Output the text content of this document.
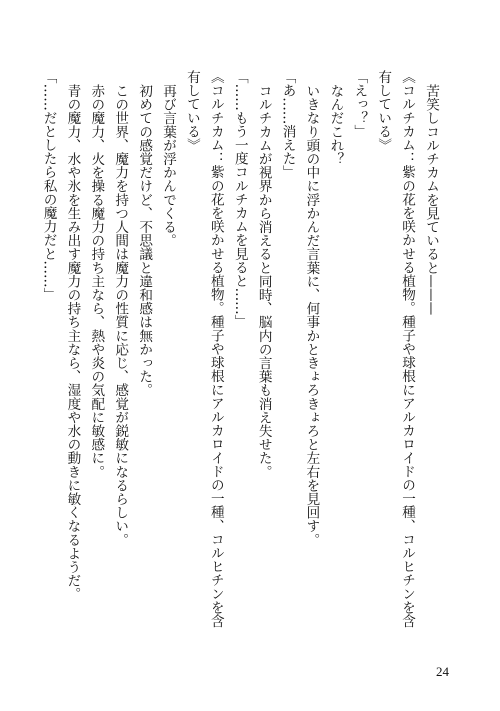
苦笑しコルチカムを見ていると———
《コルチカム：紫の花を咲かせる植物。種子や球根にアルカロイドの一種、コルヒチンを含有している》
「えっ？」
なんだこれ？
いきなり頭の中に浮かんだ言葉に、何事かときょろきょろと左右を見回す。
「あ……消えた」
コルチカムが視界から消えると同時、脳内の言葉も消え失せた。
「……もう一度コルチカムを見ると……」
《コルチカム：紫の花を咲かせる植物。種子や球根にアルカロイドの一種、コルヒチンを含有している》
再び言葉が浮かんでくる。
初めての感覚だけど、不思議と違和感は無かった。
この世界、魔力を持つ人間は魔力の性質に応じ、感覚が鋭敏になるらしい。
赤の魔力、火を操る魔力の持ち主なら、熱や炎の気配に敏感に。
青の魔力、水や氷を生み出す魔力の持ち主なら、湿度や水の動きに敏くなるようだ。
「……だとしたら私の魔力だと……」
24
